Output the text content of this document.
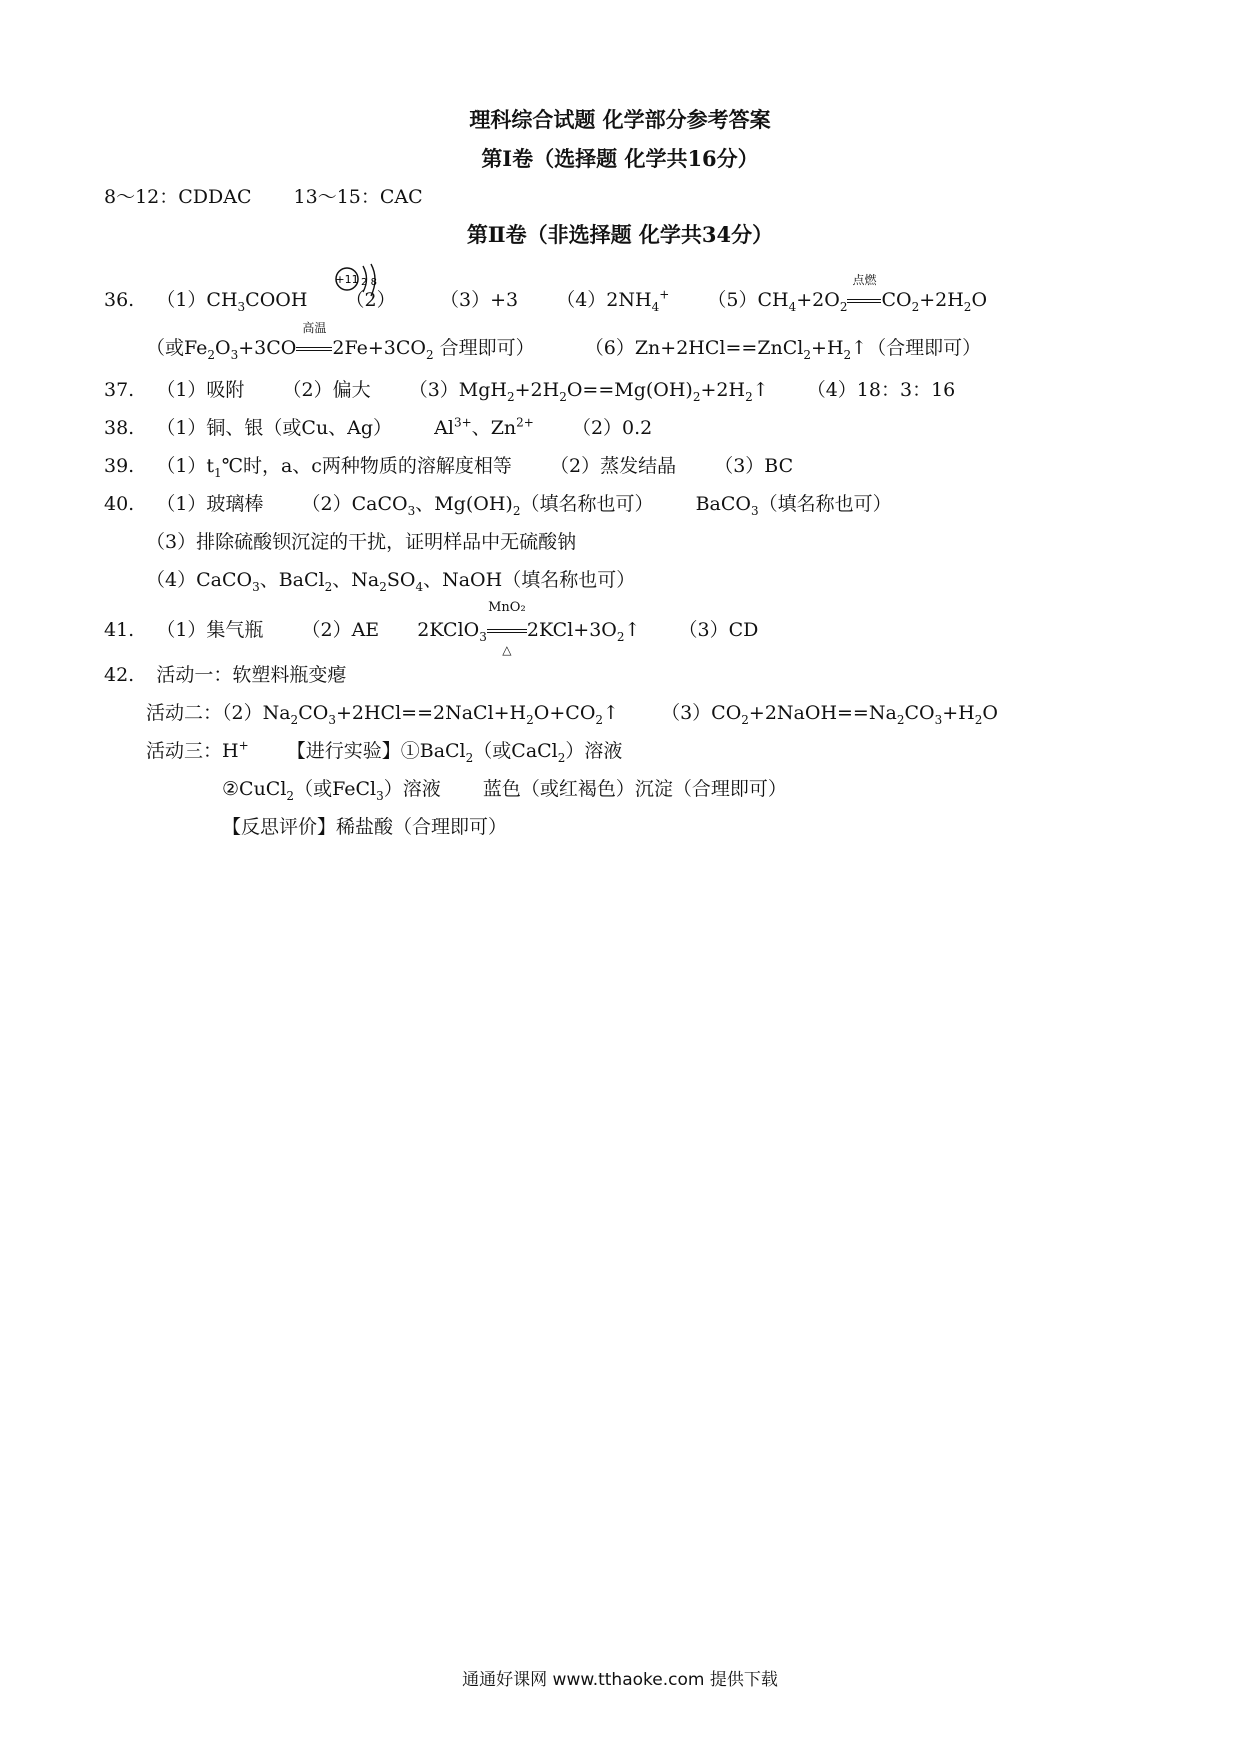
理科综合试题 化学部分参考答案
第Ⅰ卷（选择题 化学共16分）
8～12：CDDAC 13～15：CAC
第Ⅱ卷（非选择题 化学共34分）
36. $(1)CH_3COOH$ （2）
+11 2 8
（3）+3 $(4)2NH_4^+$ $(5)CH_4+2O_2$
点燃
$CO_2+2H_2O$
（或$Fe_2O_3+3CO$
高温
$2Fe+3CO_2$ 合理即可）	$(6)Zn+2HCl==ZnCl_2+H_2↑$（合理即可）
37. （1）吸附 （2）偏大 $(3)MgH_2+2H_2O==Mg(OH)_2+2H_2↑$ （4）18：3：16
38. （1）铜、银（或Cu、Ag） $Al^{3+}$、$Zn^{2+}$ （2）0.2
39. $(1)t_1℃$时，a、c两种物质的溶解度相等 （2）蒸发结晶 （3）BC
40. （1）玻璃棒 （2）CaCO$_3$、$Mg(OH)_2$（填名称也可） BaCO$_3$（填名称也可）
（3）排除硫酸钡沉淀的干扰，证明样品中无硫酸钠
（4）CaCO$_3$、BaCl$_2$、$Na_2SO_4$、NaOH（填名称也可）
41. （1）集气瓶 （2）AE 2KClO$_3$
MnO₂
△
$2KCl+3O_2↑$ （3）CD
42. 活动一：软塑料瓶变瘪
活动二：$(2)Na_2CO_3+2HCl==2NaCl+H_2O+CO_2↑$ $(3)CO_2+2NaOH==Na_2CO_3+H_2O$
活动三：H+ 【进行实验】①BaCl$_2$（或CaCl$_2$）溶液
②CuCl$_2$（或FeCl$_3$）溶液 蓝色（或红褐色）沉淀（合理即可）
【反思评价】稀盐酸（合理即可）
通通好课网 www.tthaoke.com 提供下载
